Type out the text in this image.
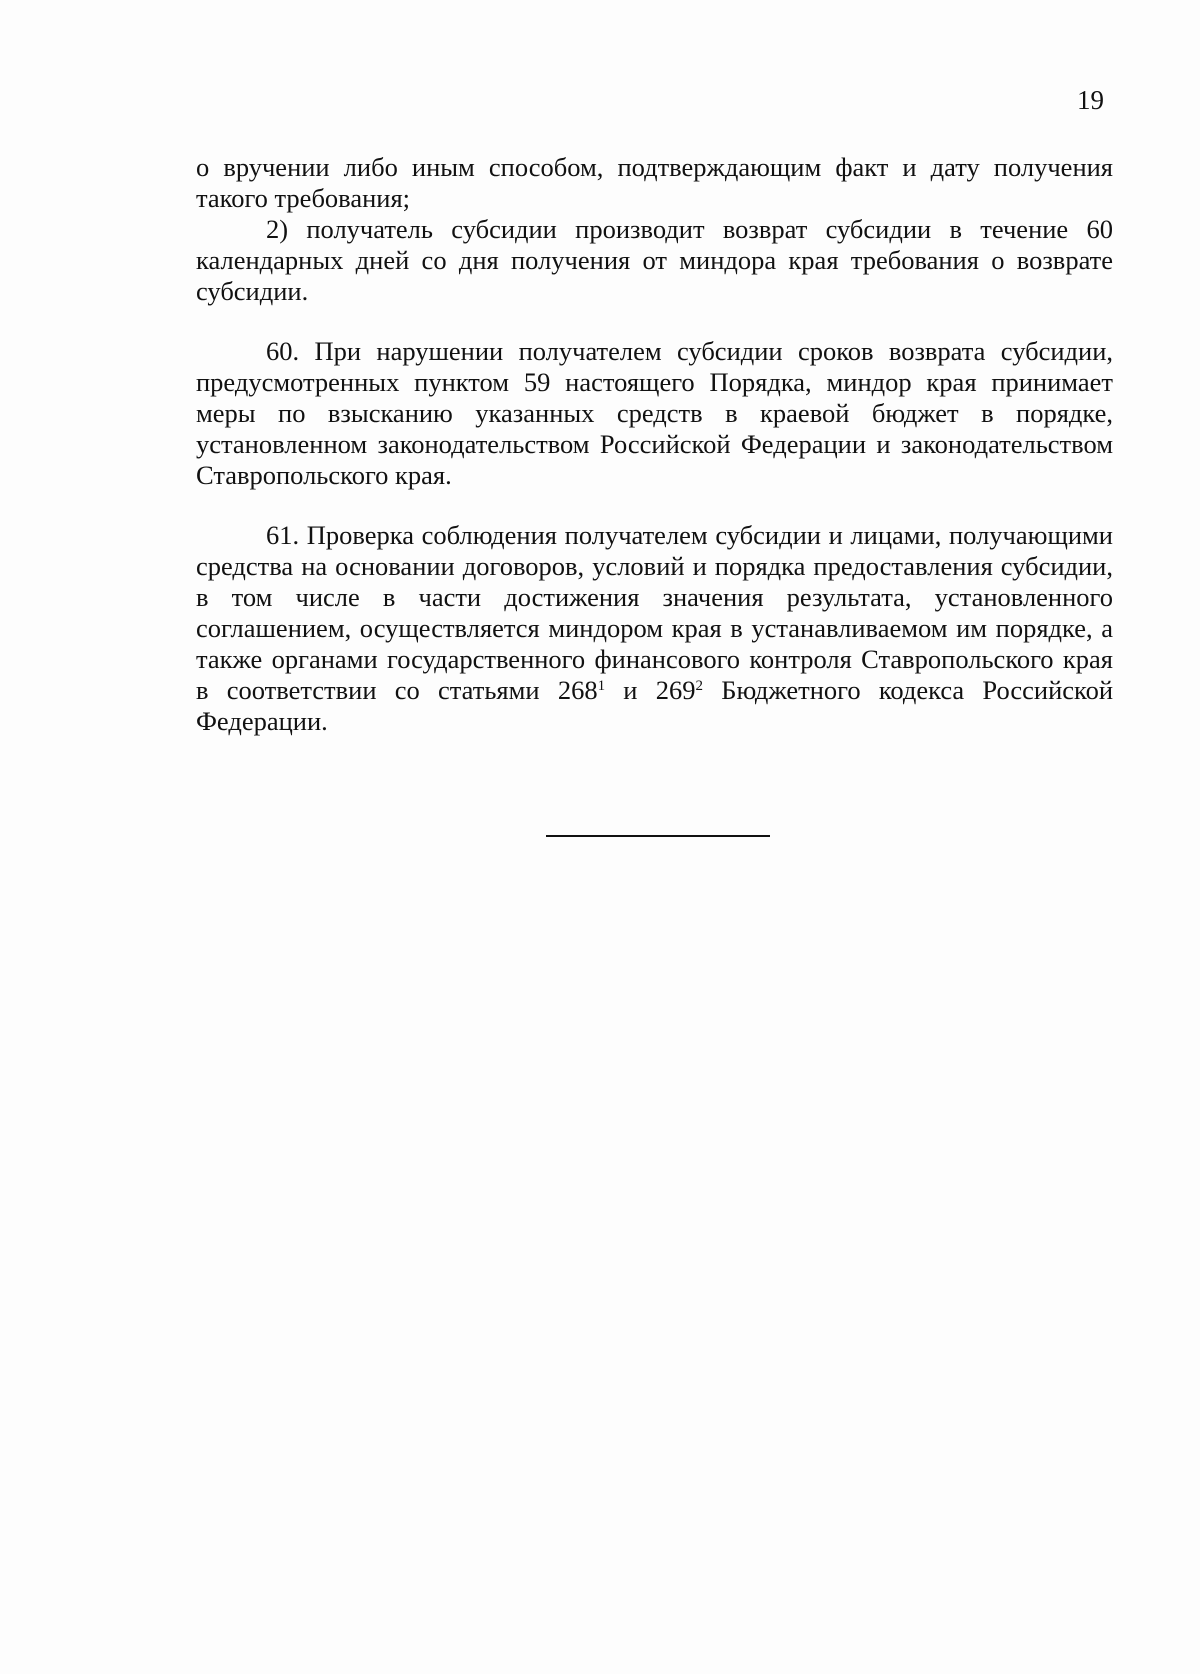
19

о вручении либо иным способом, подтверждающим факт и дату получения такого требования;

2) получатель субсидии производит возврат субсидии в течение 60 календарных дней со дня получения от миндора края требования о возврате субсидии.

60. При нарушении получателем субсидии сроков возврата субсидии, предусмотренных пунктом 59 настоящего Порядка, миндор края принимает меры по взысканию указанных средств в краевой бюджет в порядке, установленном законодательством Российской Федерации и законодательством Ставропольского края.

61. Проверка соблюдения получателем субсидии и лицами, получающими средства на основании договоров, условий и порядка предоставления субсидии, в том числе в части достижения значения результата, установленного соглашением, осуществляется миндором края в устанавливаемом им порядке, а также органами государственного финансового контроля Ставропольского края в соответствии со статьями $268^1$ и $269^2$ Бюджетного кодекса Российской Федерации.
